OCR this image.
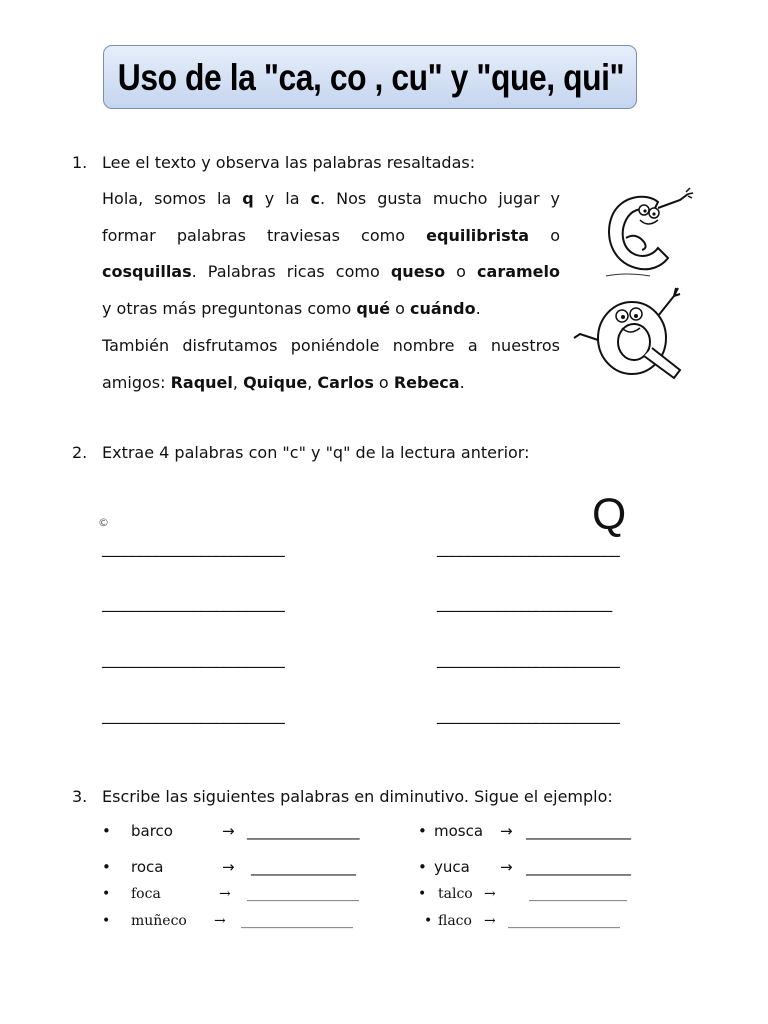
Uso de la "ca, co , cu" y "que, qui"
1. Lee el texto y observa las palabras resaltadas:
Hola, somos la q y la c. Nos gusta mucho jugar y
formar palabras traviesas como equilibrista o
cosquillas. Palabras ricas como queso o caramelo
y otras más preguntonas como qué o cuándo.
También disfrutamos poniéndole nombre a nuestros
amigos: Raquel, Quique, Carlos o Rebeca.
2. Extrae 4 palabras con "c" y "q" de la lectura anterior:
©	Q
________________________
________________________
________________________
________________________
________________________
_______________________
________________________
________________________
3. Escribe las siguientes palabras en diminutivo. Sigue el ejemplo:
• barco	→ _______________	• mosca → ______________
• roca	→ ______________	• yuca → ______________
• foca	→ ________________	• talco → ______________
• muñeco → ________________	• flaco → ________________
